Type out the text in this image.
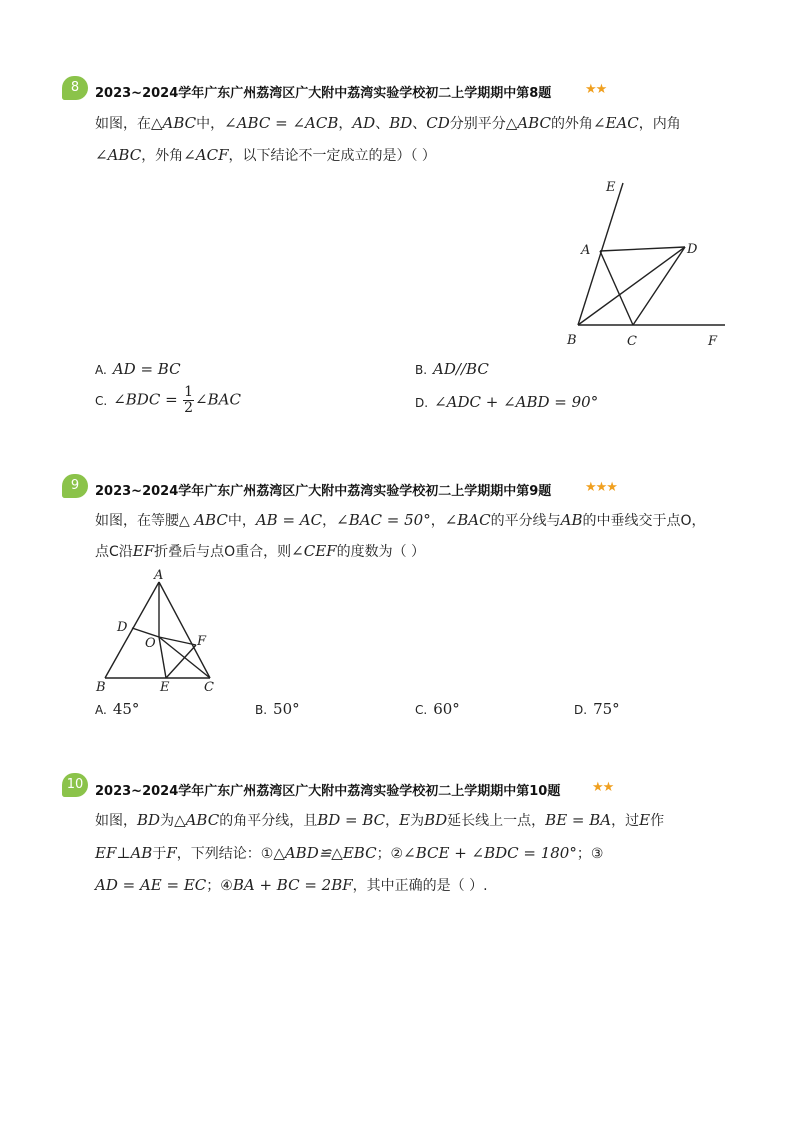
8	2023~2024学年广东广州荔湾区广大附中荔湾实验学校初二上学期期中第8题	★★
如图，在△ABC中，∠ABC = ∠ACB，AD、BD、CD分别平分△ABC的外角∠EAC，内角
∠ABC，外角∠ACF，以下结论不一定成立的是）（ ）
E
A	D
B	C	F
A. AD = BC	B. AD//BC
C. ∠BDC = $\frac{1}{2}$ ∠BAC	D. ∠ADC + ∠ABD = 90°
9	2023~2024学年广东广州荔湾区广大附中荔湾实验学校初二上学期期中第9题	★★★
如图，在等腰△ ABC中，AB = AC，∠BAC = 50°，∠BAC的平分线与AB的中垂线交于点O，
点C沿EF折叠后与点O重合，则∠CEF的度数为（ ）
A
D
O	F
B	E	C
A. 45°	B. 50°	C. 60°	D. 75°
10 2023~2024学年广东广州荔湾区广大附中荔湾实验学校初二上学期期中第10题 ★★
如图，BD为△ABC的角平分线，且BD = BC，E为BD延长线上一点，BE = BA，过E作
EF⊥AB于F，下列结论：①△ABD≌△EBC；②∠BCE + ∠BDC = 180°；③
AD = AE = EC；④BA + BC = 2BF，其中正确的是（ ）.
